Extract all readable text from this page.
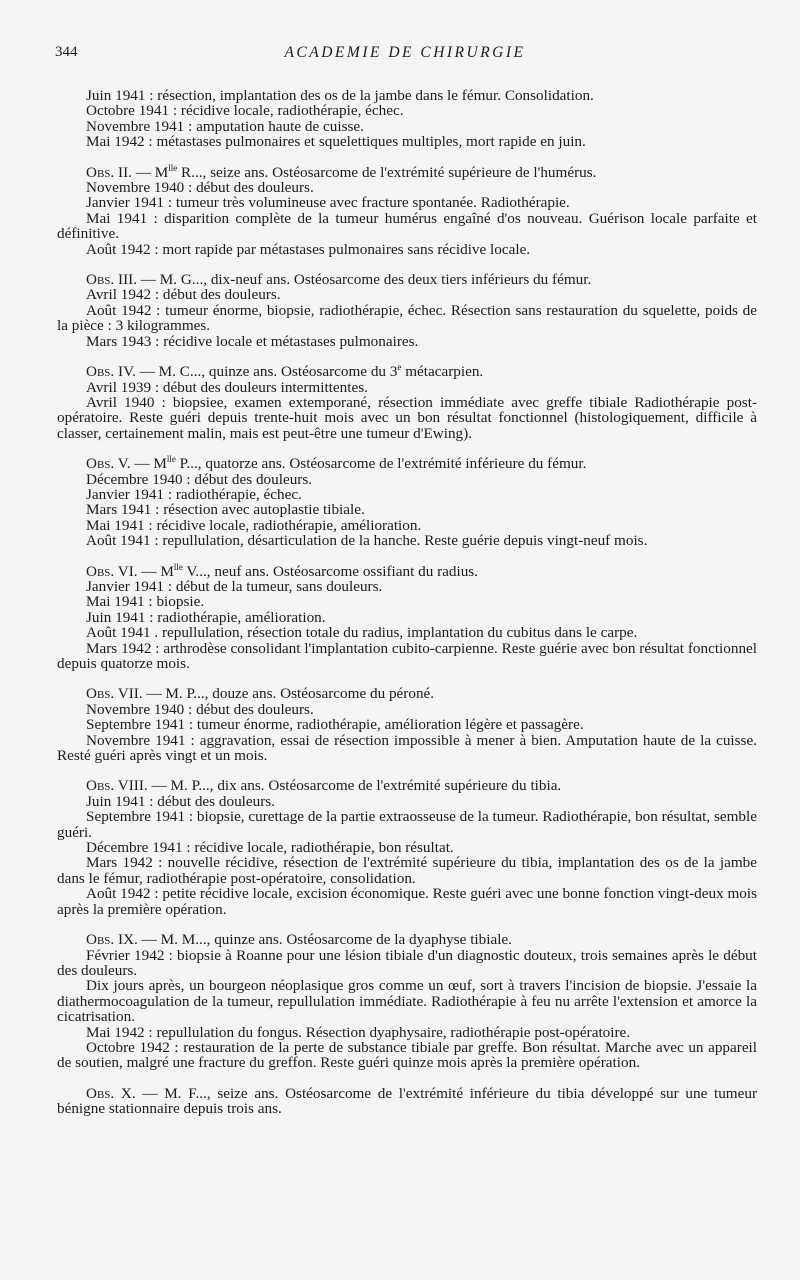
344	ACADEMIE DE CHIRURGIE

Juin 1941 : résection, implantation des os de la jambe dans le fémur. Consolidation.

Octobre 1941 : récidive locale, radiothérapie, échec.

Novembre 1941 : amputation haute de cuisse.

Mai 1942 : métastases pulmonaires et squelettiques multiples, mort rapide en juin.

Obs. II. — $M^{lle}$ R..., seize ans. Ostéosarcome de l'extrémité supérieure de l'humérus.

Novembre 1940 : début des douleurs.

Janvier 1941 : tumeur très volumineuse avec fracture spontanée. Radiothérapie.

Mai 1941 : disparition complète de la tumeur humérus engaîné d'os nouveau. Guérison locale parfaite et définitive.

Août 1942 : mort rapide par métastases pulmonaires sans récidive locale.

Obs. III. — M. G..., dix-neuf ans. Ostéosarcome des deux tiers inférieurs du fémur.

Avril 1942 : début des douleurs.

Août 1942 : tumeur énorme, biopsie, radiothérapie, échec. Résection sans restauration du squelette, poids de la pièce : 3 kilogrammes.

Mars 1943 : récidive locale et métastases pulmonaires.

Obs. IV. — M. C..., quinze ans. Ostéosarcome du 3e métacarpien.

Avril 1939 : début des douleurs intermittentes.

Avril 1940 : biopsiee, examen extemporané, résection immédiate avec greffe tibiale Radiothérapie post-opératoire. Reste guéri depuis trente-huit mois avec un bon résultat fonctionnel (histologiquement, difficile à classer, certainement malin, mais est peut-être une tumeur d'Ewing).

Obs. V. — $M^{lle}$ P..., quatorze ans. Ostéosarcome de l'extrémité inférieure du fémur.

Décembre 1940 : début des douleurs.

Janvier 1941 : radiothérapie, échec.

Mars 1941 : résection avec autoplastie tibiale.

Mai 1941 : récidive locale, radiothérapie, amélioration.

Août 1941 : repullulation, désarticulation de la hanche. Reste guérie depuis vingt-neuf mois.

Obs. VI. — $M^{lle}$ V..., neuf ans. Ostéosarcome ossifiant du radius.

Janvier 1941 : début de la tumeur, sans douleurs.

Mai 1941 : biopsie.

Juin 1941 : radiothérapie, amélioration.

Août 1941 . repullulation, résection totale du radius, implantation du cubitus dans le carpe.

Mars 1942 : arthrodèse consolidant l'implantation cubito-carpienne. Reste guérie avec bon résultat fonctionnel depuis quatorze mois.

Obs. VII. — M. P..., douze ans. Ostéosarcome du péroné.

Novembre 1940 : début des douleurs.

Septembre 1941 : tumeur énorme, radiothérapie, amélioration légère et passagère.

Novembre 1941 : aggravation, essai de résection impossible à mener à bien. Amputation haute de la cuisse. Resté guéri après vingt et un mois.

Obs. VIII. — M. P..., dix ans. Ostéosarcome de l'extrémité supérieure du tibia.

Juin 1941 : début des douleurs.

Septembre 1941 : biopsie, curettage de la partie extraosseuse de la tumeur. Radiothérapie, bon résultat, semble guéri.

Décembre 1941 : récidive locale, radiothérapie, bon résultat.

Mars 1942 : nouvelle récidive, résection de l'extrémité supérieure du tibia, implantation des os de la jambe dans le fémur, radiothérapie post-opératoire, consolidation.

Août 1942 : petite récidive locale, excision économique. Reste guéri avec une bonne fonction vingt-deux mois après la première opération.

Obs. IX. — M. M..., quinze ans. Ostéosarcome de la dyaphyse tibiale.

Février 1942 : biopsie à Roanne pour une lésion tibiale d'un diagnostic douteux, trois semaines après le début des douleurs.

Dix jours après, un bourgeon néoplasique gros comme un œuf, sort à travers l'incision de biopsie. J'essaie la diathermocoagulation de la tumeur, repullulation immédiate. Radiothérapie à feu nu arrête l'extension et amorce la cicatrisation.

Mai 1942 : repullulation du fongus. Résection dyaphysaire, radiothérapie post-opératoire.

Octobre 1942 : restauration de la perte de substance tibiale par greffe. Bon résultat. Marche avec un appareil de soutien, malgré une fracture du greffon. Reste guéri quinze mois après la première opération.

Obs. X. — M. F..., seize ans. Ostéosarcome de l'extrémité inférieure du tibia développé sur une tumeur bénigne stationnaire depuis trois ans.
